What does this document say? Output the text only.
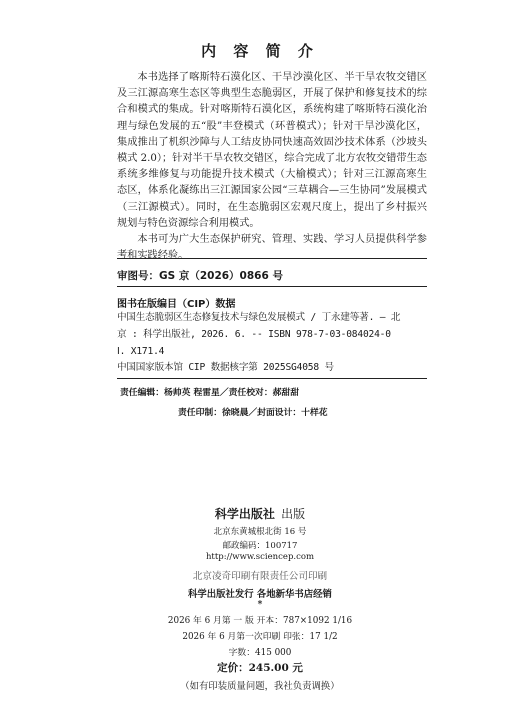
内 容 简 介

本书选择了喀斯特石漠化区、干旱沙漠化区、半干旱农牧交错区及三江源高寒生态区等典型生态脆弱区，开展了保护和修复技术的综合和模式的集成。针对喀斯特石漠化区，系统构建了喀斯特石漠化治理与绿色发展的五“股”丰登模式（环普模式）；针对干旱沙漠化区，集成推出了机织沙障与人工结皮协同快速高效固沙技术体系（沙坡头模式 2.0）；针对半干旱农牧交错区，综合完成了北方农牧交错带生态系统多维修复与功能提升技术模式（大榆模式）；针对三江源高寒生态区，体系化凝练出三江源国家公园“三草耦合—三生协同”发展模式（三江源模式）。同时，在生态脆弱区宏观尺度上，提出了乡村振兴规划与特色资源综合利用模式。

本书可为广大生态保护研究、管理、实践、学习人员提供科学参考和实践经验。

审图号：GS 京（2026）0866 号
图书在版编目（CIP）数据
中国生态脆弱区生态修复技术与绿色发展模式 / 丁永建等著. — 北
京 : 科学出版社, 2026. 6. -- ISBN 978-7-03-084024-0
Ⅰ. X171.4
中国国家版本馆 CIP 数据核字第 2025SG4058 号
责任编辑：杨帅英 程雷星／责任校对：郝甜甜
责任印制：徐晓晨／封面设计：十样花
科学出版社 出版
北京东黄城根北街 16 号
邮政编码：100717
http://www.sciencep.com
北京凌奇印刷有限责任公司印刷
科学出版社发行 各地新华书店经销
*
2026 年 6 月第 一 版 开本：787×1092 1/16
2026 年 6 月第一次印刷 印张：17 1/2
字数：415 000
定价：245.00 元
（如有印装质量问题，我社负责调换）
